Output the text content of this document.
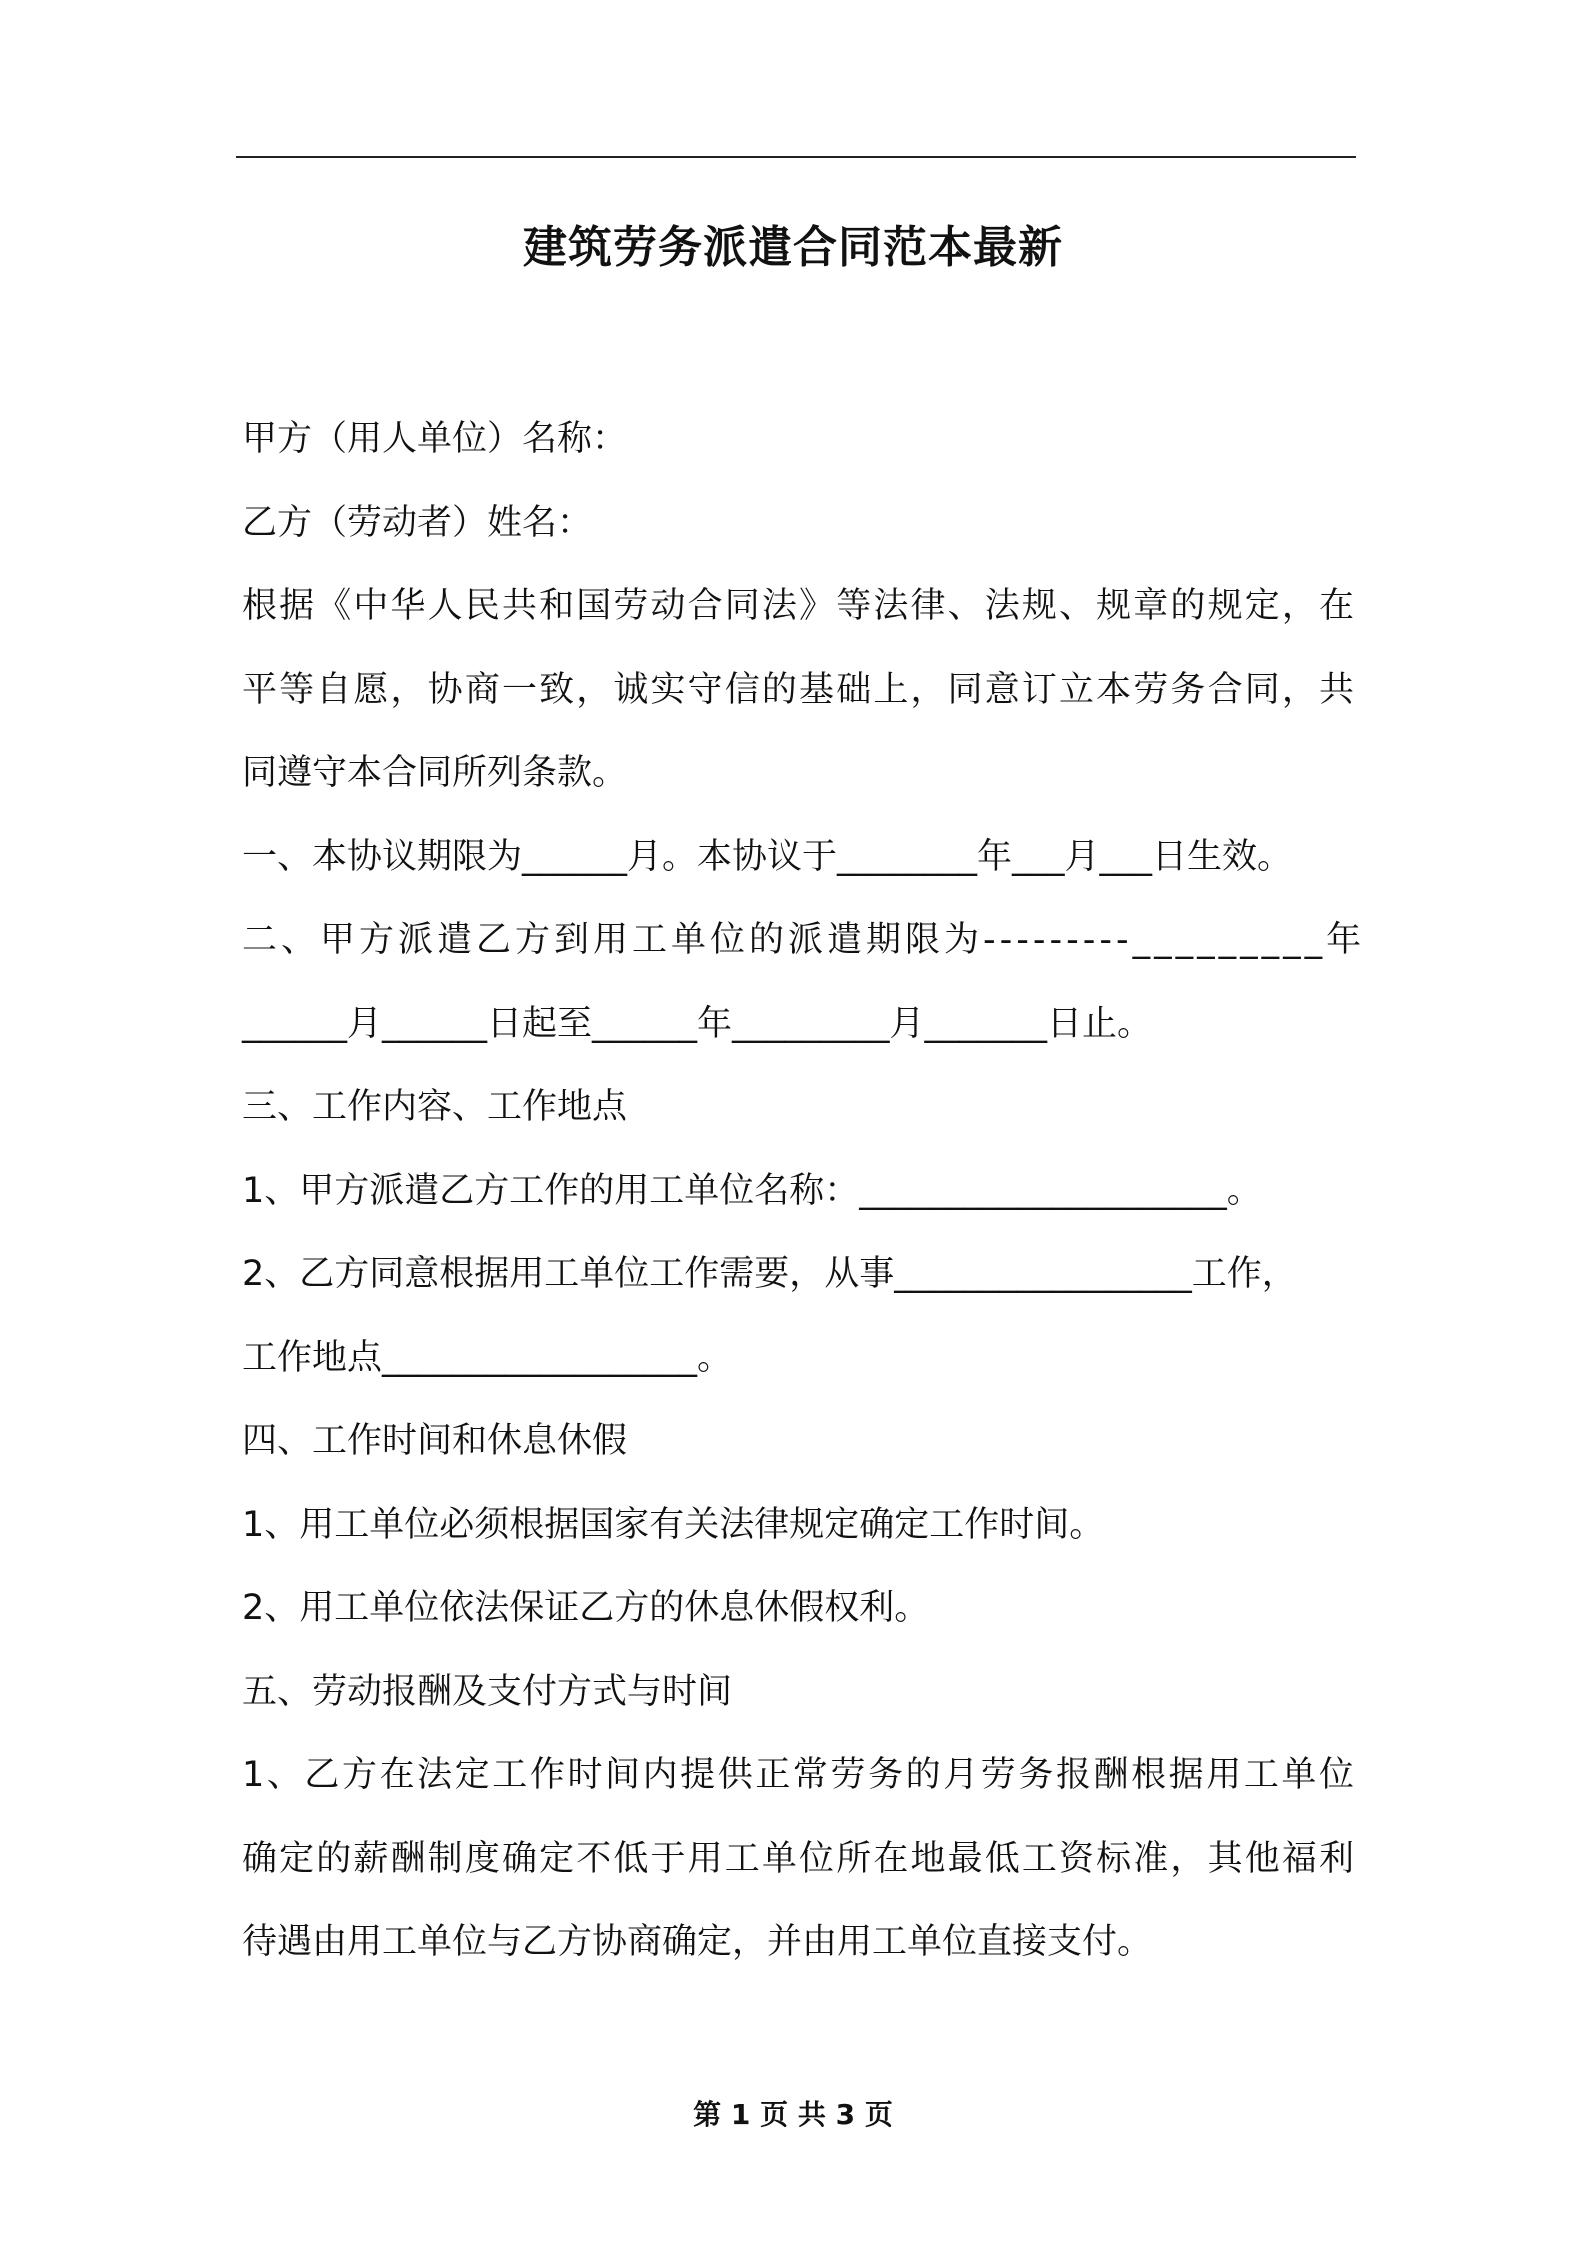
建筑劳务派遣合同范本最新
甲方（用人单位）名称：
乙方（劳动者）姓名：
根据《中华人民共和国劳动合同法》等法律、法规、规章的规定，在
平等自愿，协商一致，诚实守信的基础上，同意订立本劳务合同，共
同遵守本合同所列条款。
一、本协议期限为______月。本协议于________年___月___日生效。
二、甲方派遣乙方到用工单位的派遣期限为---------_________年
______月______日起至______年_________月_______日止。
三、工作内容、工作地点
1、甲方派遣乙方工作的用工单位名称：_____________________。
2、乙方同意根据用工单位工作需要，从事_________________工作，
工作地点__________________。
四、工作时间和休息休假
1、用工单位必须根据国家有关法律规定确定工作时间。
2、用工单位依法保证乙方的休息休假权利。
五、劳动报酬及支付方式与时间
1、乙方在法定工作时间内提供正常劳务的月劳务报酬根据用工单位
确定的薪酬制度确定不低于用工单位所在地最低工资标准，其他福利
待遇由用工单位与乙方协商确定，并由用工单位直接支付。
第 1 页 共 3 页
